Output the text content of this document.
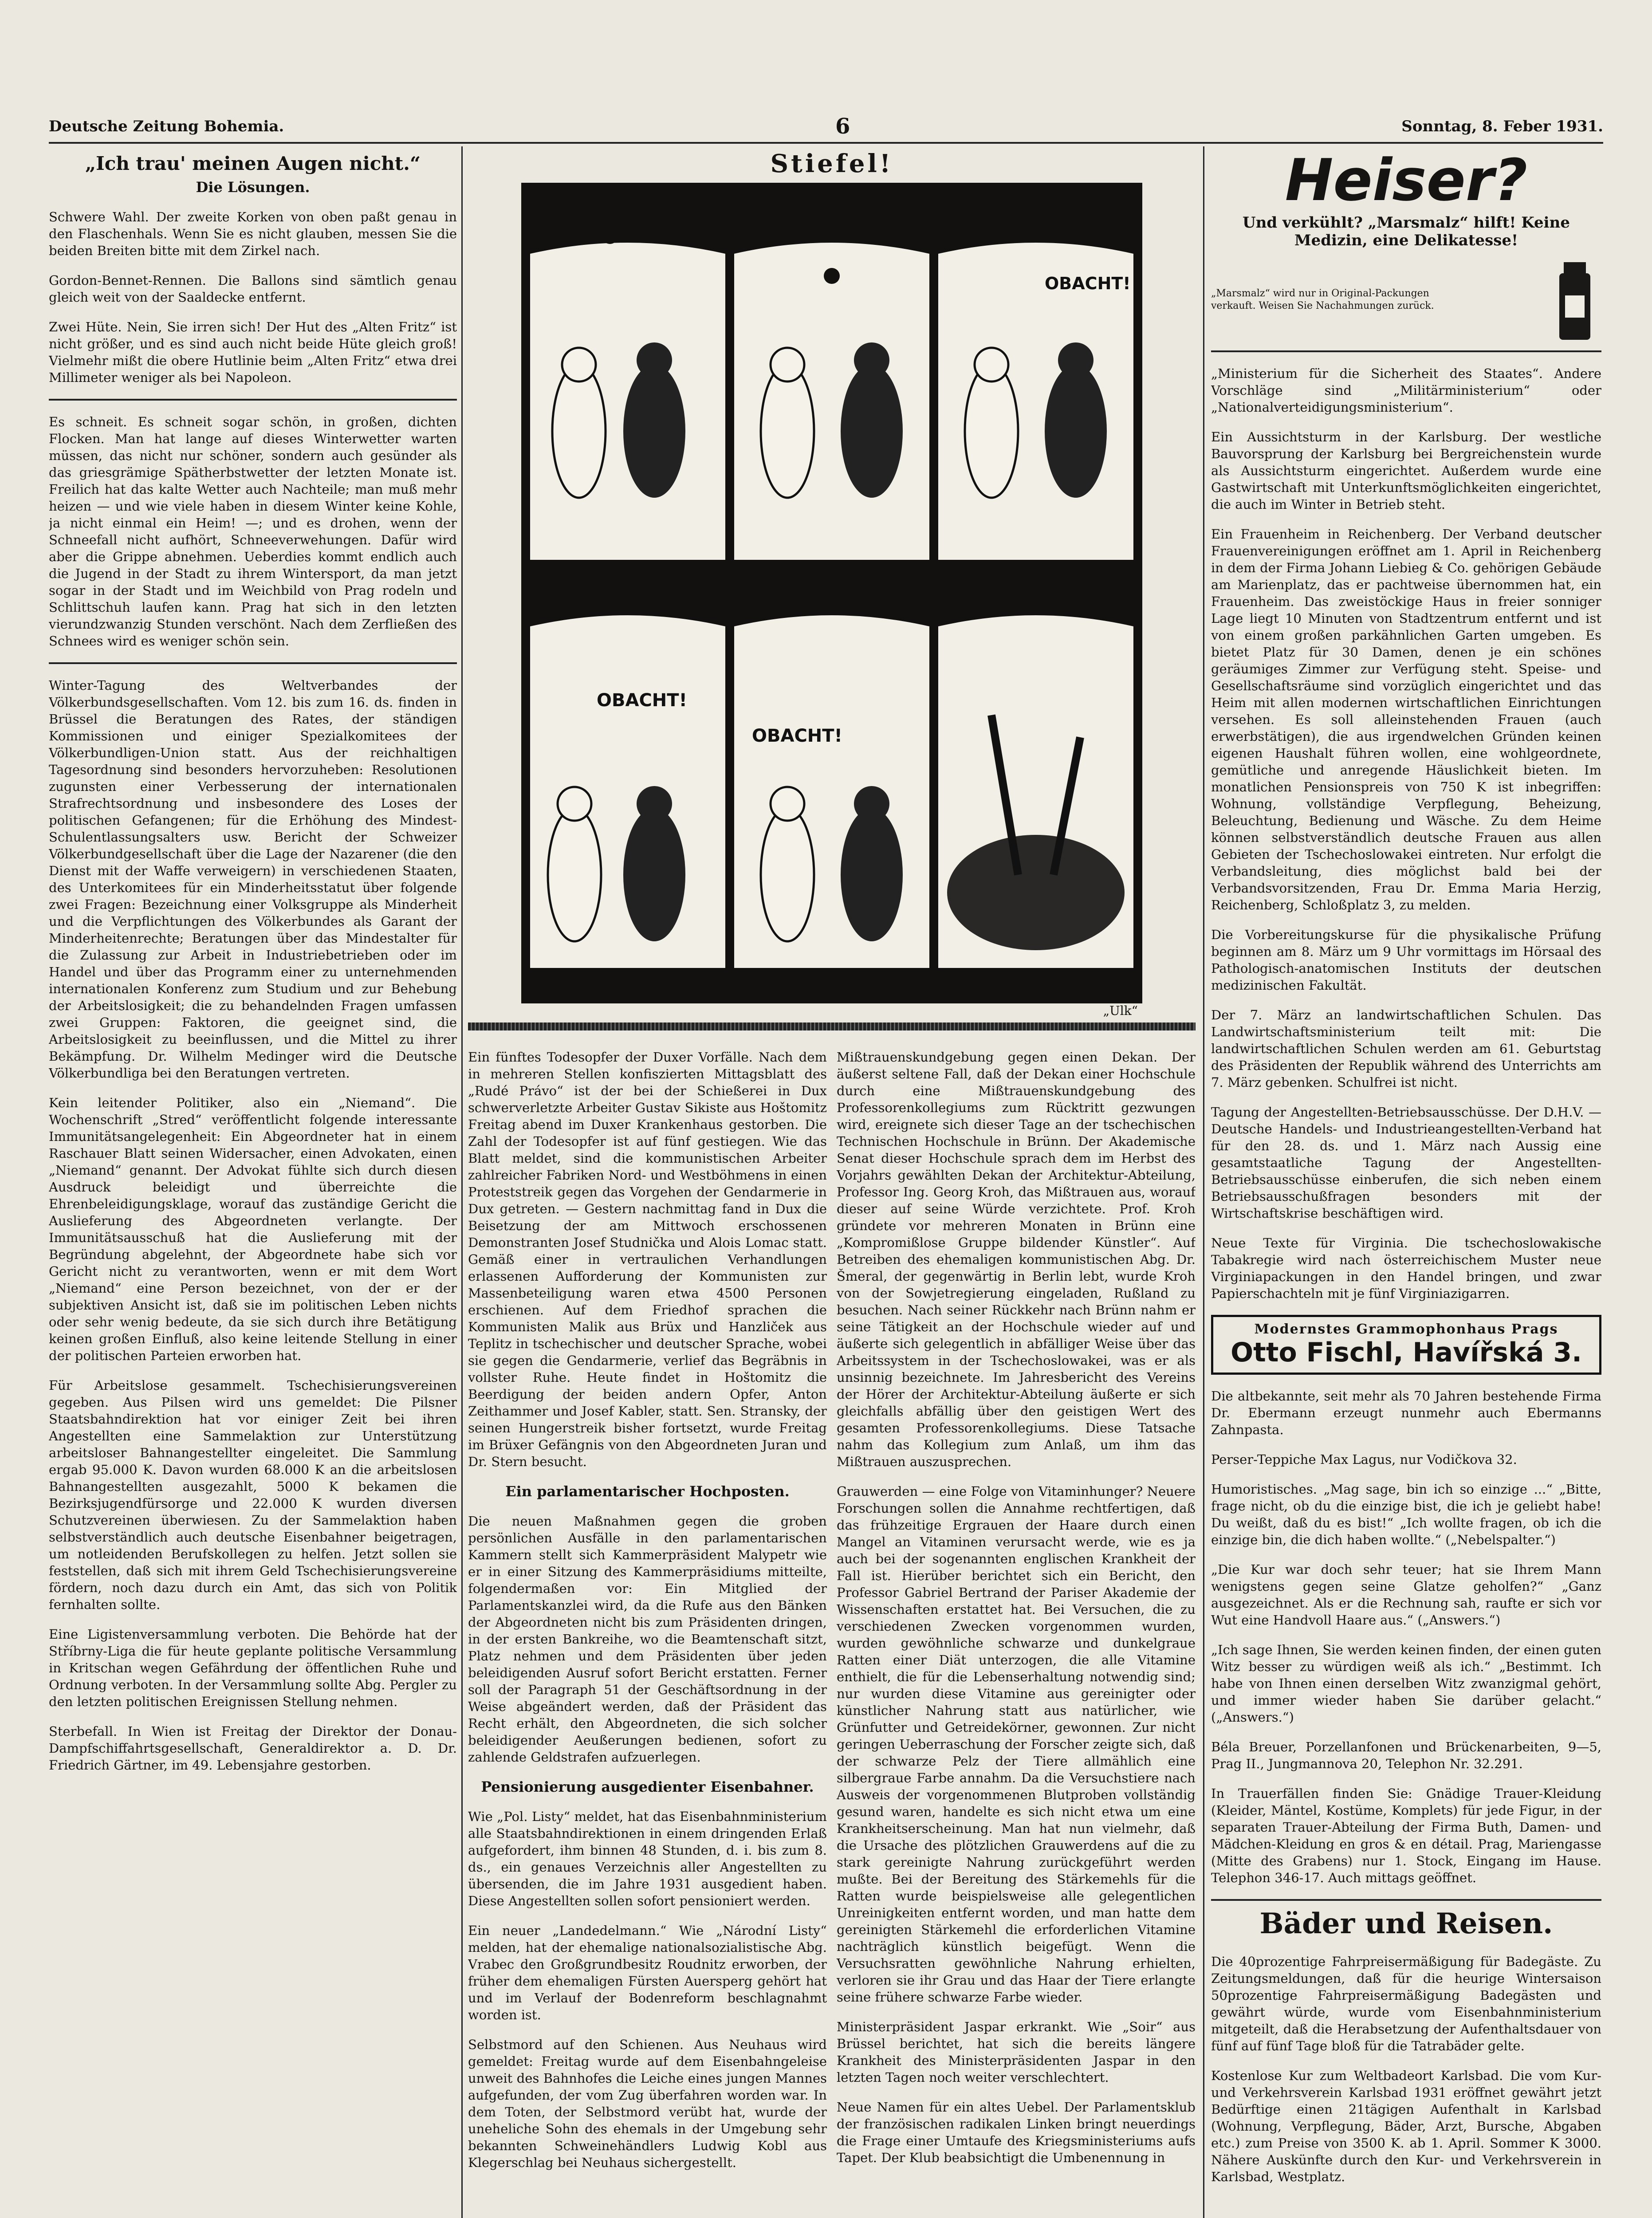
Deutsche Zeitung Bohemia.	6	Sonntag, 8. Feber 1931.
„Ich trau' meinen Augen nicht.“
Die Lösungen.

Schwere Wahl. Der zweite Korken von oben paßt genau in den Flaschenhals. Wenn Sie es nicht glauben, messen Sie die beiden Breiten bitte mit dem Zirkel nach.

Gordon-Bennet-Rennen. Die Ballons sind sämtlich genau gleich weit von der Saaldecke entfernt.

Zwei Hüte. Nein, Sie irren sich! Der Hut des „Alten Fritz“ ist nicht größer, und es sind auch nicht beide Hüte gleich groß! Vielmehr mißt die obere Hutlinie beim „Alten Fritz“ etwa drei Millimeter weniger als bei Napoleon.

Es schneit. Es schneit sogar schön, in großen, dichten Flocken. Man hat lange auf dieses Winterwetter warten müssen, das nicht nur schöner, sondern auch gesünder als das griesgrämige Spätherbstwetter der letzten Monate ist. Freilich hat das kalte Wetter auch Nachteile; man muß mehr heizen — und wie viele haben in diesem Winter keine Kohle, ja nicht einmal ein Heim! —; und es drohen, wenn der Schneefall nicht aufhört, Schneeverwehungen. Dafür wird aber die Grippe abnehmen. Ueberdies kommt endlich auch die Jugend in der Stadt zu ihrem Wintersport, da man jetzt sogar in der Stadt und im Weichbild von Prag rodeln und Schlittschuh laufen kann. Prag hat sich in den letzten vierundzwanzig Stunden verschönt. Nach dem Zerfließen des Schnees wird es weniger schön sein.

Winter-Tagung des Weltverbandes der Völkerbundsgesellschaften. Vom 12. bis zum 16. ds. finden in Brüssel die Beratungen des Rates, der ständigen Kommissionen und einiger Spezialkomitees der Völkerbundligen-Union statt. Aus der reichhaltigen Tagesordnung sind besonders hervorzuheben: Resolutionen zugunsten einer Verbesserung der internationalen Strafrechtsordnung und insbesondere des Loses der politischen Gefangenen; für die Erhöhung des Mindest-Schulentlassungsalters usw. Bericht der Schweizer Völkerbundgesellschaft über die Lage der Nazarener (die den Dienst mit der Waffe verweigern) in verschiedenen Staaten, des Unterkomitees für ein Minderheitsstatut über folgende zwei Fragen: Bezeichnung einer Volksgruppe als Minderheit und die Verpflichtungen des Völkerbundes als Garant der Minderheitenrechte; Beratungen über das Mindestalter für die Zulassung zur Arbeit in Industriebetrieben oder im Handel und über das Programm einer zu unternehmenden internationalen Konferenz zum Studium und zur Behebung der Arbeitslosigkeit; die zu behandelnden Fragen umfassen zwei Gruppen: Faktoren, die geeignet sind, die Arbeitslosigkeit zu beeinflussen, und die Mittel zu ihrer Bekämpfung. Dr. Wilhelm Medinger wird die Deutsche Völkerbundliga bei den Beratungen vertreten.

Kein leitender Politiker, also ein „Niemand“. Die Wochenschrift „Stred“ veröffentlicht folgende interessante Immunitätsangelegenheit: Ein Abgeordneter hat in einem Raschauer Blatt seinen Widersacher, einen Advokaten, einen „Niemand“ genannt. Der Advokat fühlte sich durch diesen Ausdruck beleidigt und überreichte die Ehrenbeleidigungsklage, worauf das zuständige Gericht die Auslieferung des Abgeordneten verlangte. Der Immunitätsausschuß hat die Auslieferung mit der Begründung abgelehnt, der Abgeordnete habe sich vor Gericht nicht zu verantworten, wenn er mit dem Wort „Niemand“ eine Person bezeichnet, von der er der subjektiven Ansicht ist, daß sie im politischen Leben nichts oder sehr wenig bedeute, da sie sich durch ihre Betätigung keinen großen Einfluß, also keine leitende Stellung in einer der politischen Parteien erworben hat.

Für Arbeitslose gesammelt. Tschechisierungsvereinen gegeben. Aus Pilsen wird uns gemeldet: Die Pilsner Staatsbahndirektion hat vor einiger Zeit bei ihren Angestellten eine Sammelaktion zur Unterstützung arbeitsloser Bahnangestellter eingeleitet. Die Sammlung ergab 95.000 K. Davon wurden 68.000 K an die arbeitslosen Bahnangestellten ausgezahlt, 5000 K bekamen die Bezirksjugendfürsorge und 22.000 K wurden diversen Schutzvereinen überwiesen. Zu der Sammelaktion haben selbstverständlich auch deutsche Eisenbahner beigetragen, um notleidenden Berufskollegen zu helfen. Jetzt sollen sie feststellen, daß sich mit ihrem Geld Tschechisierungsvereine fördern, noch dazu durch ein Amt, das sich von Politik fernhalten sollte.

Eine Ligistenversammlung verboten. Die Behörde hat der Stříbrny-Liga die für heute geplante politische Versammlung in Kritschan wegen Gefährdung der öffentlichen Ruhe und Ordnung verboten. In der Versammlung sollte Abg. Pergler zu den letzten politischen Ereignissen Stellung nehmen.

Sterbefall. In Wien ist Freitag der Direktor der Donau-Dampfschiffahrtsgesellschaft, Generaldirektor a. D. Dr. Friedrich Gärtner, im 49. Lebensjahre gestorben.

Stiefel!
OBACHT!
OBACHT!
OBACHT!
„Ulk“

Ein fünftes Todesopfer der Duxer Vorfälle. Nach dem in mehreren Stellen konfiszierten Mittagsblatt des „Rudé Právo“ ist der bei der Schießerei in Dux schwerverletzte Arbeiter Gustav Sikiste aus Hoštomitz Freitag abend im Duxer Krankenhaus gestorben. Die Zahl der Todesopfer ist auf fünf gestiegen. Wie das Blatt meldet, sind die kommunistischen Arbeiter zahlreicher Fabriken Nord- und Westböhmens in einen Proteststreik gegen das Vorgehen der Gendarmerie in Dux getreten. — Gestern nachmittag fand in Dux die Beisetzung der am Mittwoch erschossenen Demonstranten Josef Studnička und Alois Lomac statt. Gemäß einer in vertraulichen Verhandlungen erlassenen Aufforderung der Kommunisten zur Massenbeteiligung waren etwa 4500 Personen erschienen. Auf dem Friedhof sprachen die Kommunisten Malik aus Brüx und Hanzliček aus Teplitz in tschechischer und deutscher Sprache, wobei sie gegen die Gendarmerie, verlief das Begräbnis in vollster Ruhe. Heute findet in Hoštomitz die Beerdigung der beiden andern Opfer, Anton Zeithammer und Josef Kabler, statt. Sen. Stransky, der seinen Hungerstreik bisher fortsetzt, wurde Freitag im Brüxer Gefängnis von den Abgeordneten Juran und Dr. Stern besucht.

Ein parlamentarischer Hochposten.

Die neuen Maßnahmen gegen die groben persönlichen Ausfälle in den parlamentarischen Kammern stellt sich Kammerpräsident Malypetr wie er in einer Sitzung des Kammerpräsidiums mitteilte, folgendermaßen vor: Ein Mitglied der Parlamentskanzlei wird, da die Rufe aus den Bänken der Abgeordneten nicht bis zum Präsidenten dringen, in der ersten Bankreihe, wo die Beamtenschaft sitzt, Platz nehmen und dem Präsidenten über jeden beleidigenden Ausruf sofort Bericht erstatten. Ferner soll der Paragraph 51 der Geschäftsordnung in der Weise abgeändert werden, daß der Präsident das Recht erhält, den Abgeordneten, die sich solcher beleidigender Aeußerungen bedienen, sofort zu zahlende Geldstrafen aufzuerlegen.

Pensionierung ausgedienter Eisenbahner.

Wie „Pol. Listy“ meldet, hat das Eisenbahnministerium alle Staatsbahndirektionen in einem dringenden Erlaß aufgefordert, ihm binnen 48 Stunden, d. i. bis zum 8. ds., ein genaues Verzeichnis aller Angestellten zu übersenden, die im Jahre 1931 ausgedient haben. Diese Angestellten sollen sofort pensioniert werden.

Ein neuer „Landedelmann.“ Wie „Národní Listy“ melden, hat der ehemalige nationalsozialistische Abg. Vrabec den Großgrundbesitz Roudnitz erworben, der früher dem ehemaligen Fürsten Auersperg gehört hat und im Verlauf der Bodenreform beschlagnahmt worden ist.

Selbstmord auf den Schienen. Aus Neuhaus wird gemeldet: Freitag wurde auf dem Eisenbahngeleise unweit des Bahnhofes die Leiche eines jungen Mannes aufgefunden, der vom Zug überfahren worden war. In dem Toten, der Selbstmord verübt hat, wurde der uneheliche Sohn des ehemals in der Umgebung sehr bekannten Schweinehändlers Ludwig Kobl aus Klegerschlag bei Neuhaus sichergestellt.

Mißtrauenskundgebung gegen einen Dekan. Der äußerst seltene Fall, daß der Dekan einer Hochschule durch eine Mißtrauenskundgebung des Professorenkollegiums zum Rücktritt gezwungen wird, ereignete sich dieser Tage an der tschechischen Technischen Hochschule in Brünn. Der Akademische Senat dieser Hochschule sprach dem im Herbst des Vorjahrs gewählten Dekan der Architektur-Abteilung, Professor Ing. Georg Kroh, das Mißtrauen aus, worauf dieser auf seine Würde verzichtete. Prof. Kroh gründete vor mehreren Monaten in Brünn eine „Kompromißlose Gruppe bildender Künstler“. Auf Betreiben des ehemaligen kommunistischen Abg. Dr. Šmeral, der gegenwärtig in Berlin lebt, wurde Kroh von der Sowjetregierung eingeladen, Rußland zu besuchen. Nach seiner Rückkehr nach Brünn nahm er seine Tätigkeit an der Hochschule wieder auf und äußerte sich gelegentlich in abfälliger Weise über das Arbeitssystem in der Tschechoslowakei, was er als unsinnig bezeichnete. Im Jahresbericht des Vereins der Hörer der Architektur-Abteilung äußerte er sich gleichfalls abfällig über den geistigen Wert des gesamten Professorenkollegiums. Diese Tatsache nahm das Kollegium zum Anlaß, um ihm das Mißtrauen auszusprechen.

Grauwerden — eine Folge von Vitaminhunger? Neuere Forschungen sollen die Annahme rechtfertigen, daß das frühzeitige Ergrauen der Haare durch einen Mangel an Vitaminen verursacht werde, wie es ja auch bei der sogenannten englischen Krankheit der Fall ist. Hierüber berichtet sich ein Bericht, den Professor Gabriel Bertrand der Pariser Akademie der Wissenschaften erstattet hat. Bei Versuchen, die zu verschiedenen Zwecken vorgenommen wurden, wurden gewöhnliche schwarze und dunkelgraue Ratten einer Diät unterzogen, die alle Vitamine enthielt, die für die Lebenserhaltung notwendig sind; nur wurden diese Vitamine aus gereinigter oder künstlicher Nahrung statt aus natürlicher, wie Grünfutter und Getreidekörner, gewonnen. Zur nicht geringen Ueberraschung der Forscher zeigte sich, daß der schwarze Pelz der Tiere allmählich eine silbergraue Farbe annahm. Da die Versuchstiere nach Ausweis der vorgenommenen Blutproben vollständig gesund waren, handelte es sich nicht etwa um eine Krankheitserscheinung. Man hat nun vielmehr, daß die Ursache des plötzlichen Grauwerdens auf die zu stark gereinigte Nahrung zurückgeführt werden mußte. Bei der Bereitung des Stärkemehls für die Ratten wurde beispielsweise alle gelegentlichen Unreinigkeiten entfernt worden, und man hatte dem gereinigten Stärkemehl die erforderlichen Vitamine nachträglich künstlich beigefügt. Wenn die Versuchsratten gewöhnliche Nahrung erhielten, verloren sie ihr Grau und das Haar der Tiere erlangte seine frühere schwarze Farbe wieder.

Ministerpräsident Jaspar erkrankt. Wie „Soir“ aus Brüssel berichtet, hat sich die bereits längere Krankheit des Ministerpräsidenten Jaspar in den letzten Tagen noch weiter verschlechtert.

Neue Namen für ein altes Uebel. Der Parlamentsklub der französischen radikalen Linken bringt neuerdings die Frage einer Umtaufe des Kriegsministeriums aufs Tapet. Der Klub beabsichtigt die Umbenennung in

Heiser?
Und verkühlt? „Marsmalz“ hilft! Keine Medizin, eine Delikatesse!
„Marsmalz“ wird nur in Original-Packungen verkauft. Weisen Sie Nachahmungen zurück.

„Ministerium für die Sicherheit des Staates“. Andere Vorschläge sind „Militärministerium“ oder „Nationalverteidigungsministerium“.

Ein Aussichtsturm in der Karlsburg. Der westliche Bauvorsprung der Karlsburg bei Bergreichenstein wurde als Aussichtsturm eingerichtet. Außerdem wurde eine Gastwirtschaft mit Unterkunftsmöglichkeiten eingerichtet, die auch im Winter in Betrieb steht.

Ein Frauenheim in Reichenberg. Der Verband deutscher Frauenvereinigungen eröffnet am 1. April in Reichenberg in dem der Firma Johann Liebieg & Co. gehörigen Gebäude am Marienplatz, das er pachtweise übernommen hat, ein Frauenheim. Das zweistöckige Haus in freier sonniger Lage liegt 10 Minuten von Stadtzentrum entfernt und ist von einem großen parkähnlichen Garten umgeben. Es bietet Platz für 30 Damen, denen je ein schönes geräumiges Zimmer zur Verfügung steht. Speise- und Gesellschaftsräume sind vorzüglich eingerichtet und das Heim mit allen modernen wirtschaftlichen Einrichtungen versehen. Es soll alleinstehenden Frauen (auch erwerbstätigen), die aus irgendwelchen Gründen keinen eigenen Haushalt führen wollen, eine wohlgeordnete, gemütliche und anregende Häuslichkeit bieten. Im monatlichen Pensionspreis von 750 K ist inbegriffen: Wohnung, vollständige Verpflegung, Beheizung, Beleuchtung, Bedienung und Wäsche. Zu dem Heime können selbstverständlich deutsche Frauen aus allen Gebieten der Tschechoslowakei eintreten. Nur erfolgt die Verbandsleitung, dies möglichst bald bei der Verbandsvorsitzenden, Frau Dr. Emma Maria Herzig, Reichenberg, Schloßplatz 3, zu melden.

Die Vorbereitungskurse für die physikalische Prüfung beginnen am 8. März um 9 Uhr vormittags im Hörsaal des Pathologisch-anatomischen Instituts der deutschen medizinischen Fakultät.

Der 7. März an landwirtschaftlichen Schulen. Das Landwirtschaftsministerium teilt mit: Die landwirtschaftlichen Schulen werden am 61. Geburtstag des Präsidenten der Republik während des Unterrichts am 7. März gebenken. Schulfrei ist nicht.

Tagung der Angestellten-Betriebsausschüsse. Der D.H.V. — Deutsche Handels- und Industrieangestellten-Verband hat für den 28. ds. und 1. März nach Aussig eine gesamtstaatliche Tagung der Angestellten-Betriebsausschüsse einberufen, die sich neben einem Betriebsausschußfragen besonders mit der Wirtschaftskrise beschäftigen wird.

Neue Texte für Virginia. Die tschechoslowakische Tabakregie wird nach österreichischem Muster neue Virginiapackungen in den Handel bringen, und zwar Papierschachteln mit je fünf Virginiazigarren.

Modernstes Grammophonhaus Prags
Otto Fischl, Havířská 3.

Die altbekannte, seit mehr als 70 Jahren bestehende Firma Dr. Ebermann erzeugt nunmehr auch Ebermanns Zahnpasta.

Perser-Teppiche Max Lagus, nur Vodičkova 32.

Humoristisches. „Mag sage, bin ich so einzige ...“ „Bitte, frage nicht, ob du die einzige bist, die ich je geliebt habe! Du weißt, daß du es bist!“ „Ich wollte fragen, ob ich die einzige bin, die dich haben wollte.“ („Nebelspalter.“)

„Die Kur war doch sehr teuer; hat sie Ihrem Mann wenigstens gegen seine Glatze geholfen?“ „Ganz ausgezeichnet. Als er die Rechnung sah, raufte er sich vor Wut eine Handvoll Haare aus.“ („Answers.“)

„Ich sage Ihnen, Sie werden keinen finden, der einen guten Witz besser zu würdigen weiß als ich.“ „Bestimmt. Ich habe von Ihnen einen derselben Witz zwanzigmal gehört, und immer wieder haben Sie darüber gelacht.“ („Answers.“)

Béla Breuer, Porzellanfonen und Brückenarbeiten, 9—5, Prag II., Jungmannova 20, Telephon Nr. 32.291.

In Trauerfällen finden Sie: Gnädige Trauer-Kleidung (Kleider, Mäntel, Kostüme, Komplets) für jede Figur, in der separaten Trauer-Abteilung der Firma Buth, Damen- und Mädchen-Kleidung en gros & en détail. Prag, Mariengasse (Mitte des Grabens) nur 1. Stock, Eingang im Hause. Telephon 346-17. Auch mittags geöffnet.

Bäder und Reisen.

Die 40prozentige Fahrpreisermäßigung für Badegäste. Zu Zeitungsmeldungen, daß für die heurige Wintersaison 50prozentige Fahrpreisermäßigung Badegästen und gewährt würde, wurde vom Eisenbahnministerium mitgeteilt, daß die Herabsetzung der Aufenthaltsdauer von fünf auf fünf Tage bloß für die Tatrabäder gelte.

Kostenlose Kur zum Weltbadeort Karlsbad. Die vom Kur- und Verkehrsverein Karlsbad 1931 eröffnet gewährt jetzt Bedürftige einen 21tägigen Aufenthalt in Karlsbad (Wohnung, Verpflegung, Bäder, Arzt, Bursche, Abgaben etc.) zum Preise von 3500 K. ab 1. April. Sommer K 3000. Nähere Auskünfte durch den Kur- und Verkehrsverein in Karlsbad, Westplatz.
